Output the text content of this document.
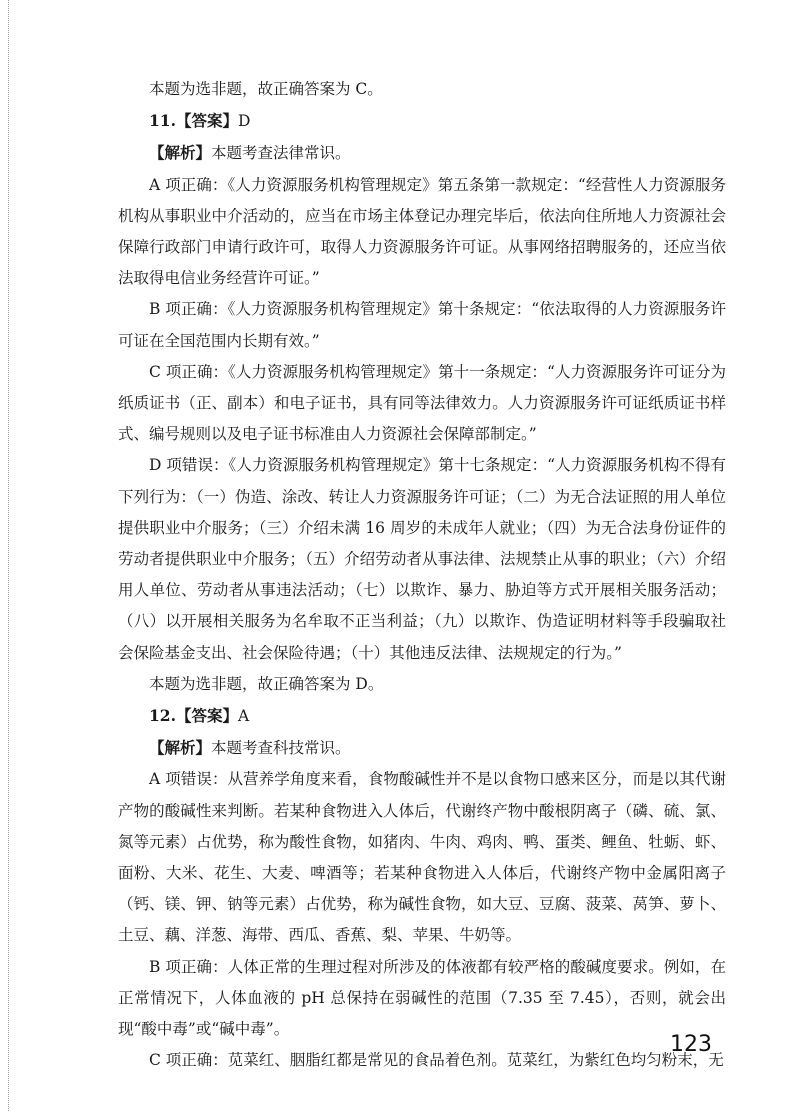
本题为选非题，故正确答案为 C。

11.【答案】D

【解析】本题考查法律常识。

A 项正确：《人力资源服务机构管理规定》第五条第一款规定：“经营性人力资源服务机构从事职业中介活动的，应当在市场主体登记办理完毕后，依法向住所地人力资源社会保障行政部门申请行政许可，取得人力资源服务许可证。从事网络招聘服务的，还应当依法取得电信业务经营许可证。”

B 项正确：《人力资源服务机构管理规定》第十条规定：“依法取得的人力资源服务许可证在全国范围内长期有效。”

C 项正确：《人力资源服务机构管理规定》第十一条规定：“人力资源服务许可证分为纸质证书（正、副本）和电子证书，具有同等法律效力。人力资源服务许可证纸质证书样式、编号规则以及电子证书标准由人力资源社会保障部制定。”

D 项错误：《人力资源服务机构管理规定》第十七条规定：“人力资源服务机构不得有下列行为：（一）伪造、涂改、转让人力资源服务许可证；（二）为无合法证照的用人单位提供职业中介服务；（三）介绍未满 16 周岁的未成年人就业；（四）为无合法身份证件的劳动者提供职业中介服务；（五）介绍劳动者从事法律、法规禁止从事的职业；（六）介绍用人单位、劳动者从事违法活动；（七）以欺诈、暴力、胁迫等方式开展相关服务活动；（八）以开展相关服务为名牟取不正当利益；（九）以欺诈、伪造证明材料等手段骗取社会保险基金支出、社会保险待遇；（十）其他违反法律、法规规定的行为。”

本题为选非题，故正确答案为 D。

12.【答案】A

【解析】本题考查科技常识。

A 项错误：从营养学角度来看，食物酸碱性并不是以食物口感来区分，而是以其代谢产物的酸碱性来判断。若某种食物进入人体后，代谢终产物中酸根阴离子（磷、硫、氯、氮等元素）占优势，称为酸性食物，如猪肉、牛肉、鸡肉、鸭、蛋类、鲤鱼、牡蛎、虾、面粉、大米、花生、大麦、啤酒等；若某种食物进入人体后，代谢终产物中金属阳离子（钙、镁、钾、钠等元素）占优势，称为碱性食物，如大豆、豆腐、菠菜、莴笋、萝卜、土豆、藕、洋葱、海带、西瓜、香蕉、梨、苹果、牛奶等。

B 项正确：人体正常的生理过程对所涉及的体液都有较严格的酸碱度要求。例如，在正常情况下，人体血液的 pH 总保持在弱碱性的范围（7.35 至 7.45），否则，就会出现“酸中毒”或“碱中毒”。

C 项正确：苋菜红、胭脂红都是常见的食品着色剂。苋菜红，为紫红色均匀粉末，无

123
